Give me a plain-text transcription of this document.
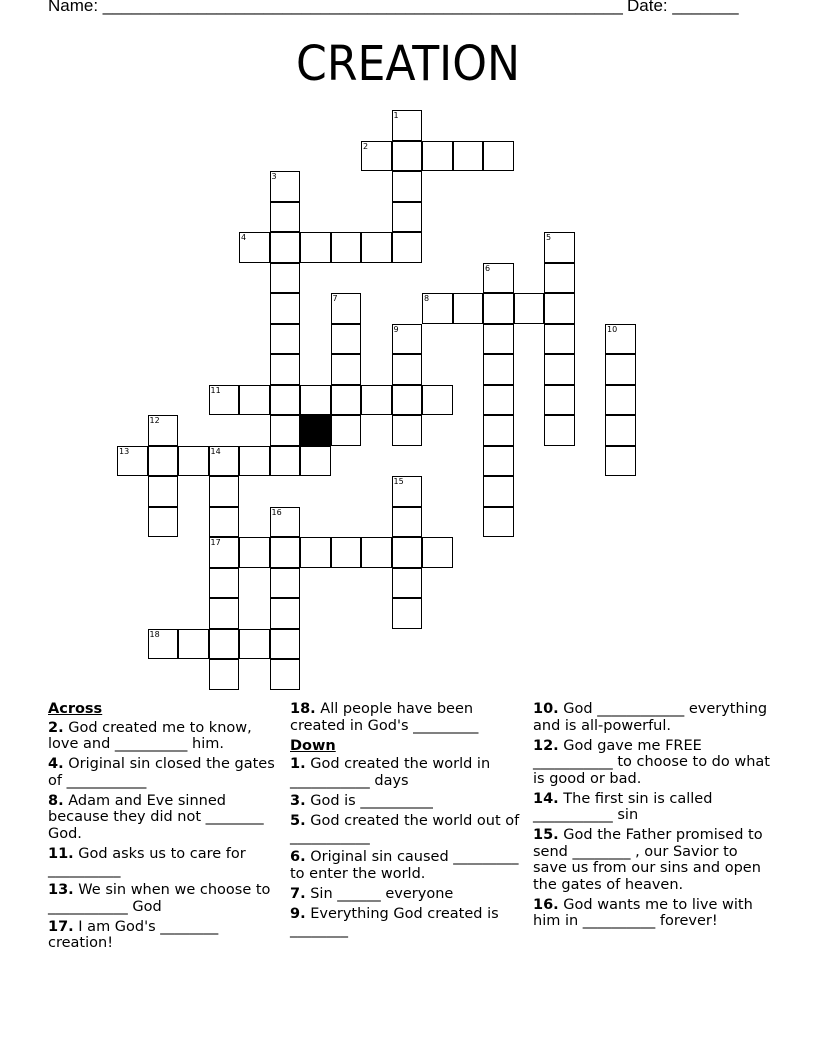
Name: _______________________________________________________ Date: _______
CREATION
1
2
3
4	5
6
7	8
9	10
11
12
13	14
17
15
16
18
Across
2. God created me to know, love and __________ him.
4. Original sin closed the gates of ___________
8. Adam and Eve sinned because they did not ________ God.
11. God asks us to care for __________
13. We sin when we choose to ___________ God
17. I am God's ________ creation!
18. All people have been created in God's _________
Down
1. God created the world in ___________ days
3. God is __________
5. God created the world out of ___________
6. Original sin caused _________ to enter the world.
7. Sin ______ everyone
9. Everything God created is ________
10. God ____________ everything and is all-powerful.
12. God gave me FREE ___________ to choose to do what is good or bad.
14. The first sin is called ___________ sin
15. God the Father promised to send ________ , our Savior to save us from our sins and open the gates of heaven.
16. God wants me to live with him in __________ forever!
